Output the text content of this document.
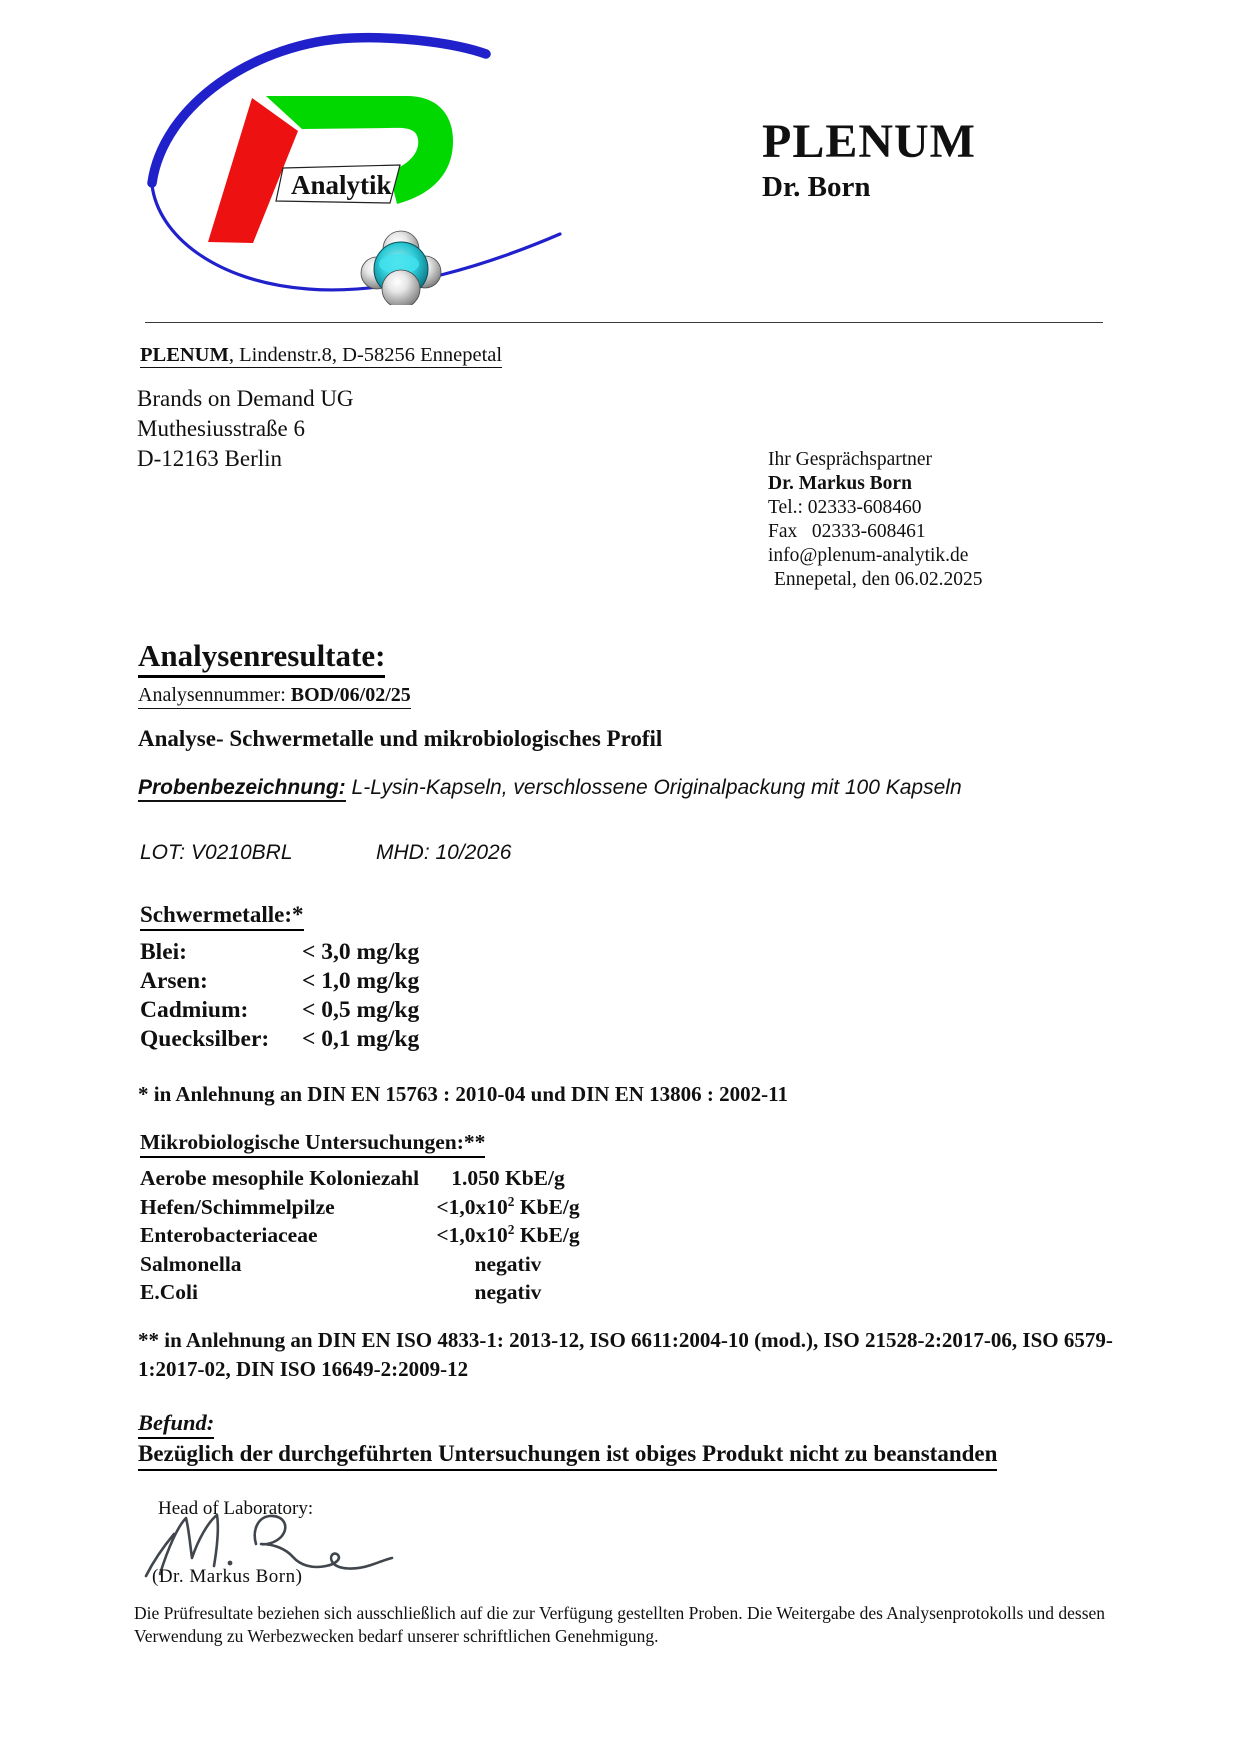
Analytik
PLENUM
Dr. Born
PLENUM, Lindenstr.8, D-58256 Ennepetal
Brands on Demand UG
Muthesiusstraße 6
D-12163 Berlin	Ihr Gesprächspartner
Dr. Markus Born
Tel.: 02333-608460
Fax   02333-608461
info@plenum-analytik.de
Ennepetal, den 06.02.2025
Analysenresultate:
Analysennummer: BOD/06/02/25
Analyse- Schwermetalle und mikrobiologisches Profil
Probenbezeichnung: L-Lysin-Kapseln, verschlossene Originalpackung mit 100 Kapseln
LOT: V0210BRL	MHD: 10/2026
Schwermetalle:*
Blei:	< 3,0 mg/kg
Arsen:	< 1,0 mg/kg
Cadmium:	< 0,5 mg/kg
Quecksilber:	< 0,1 mg/kg
* in Anlehnung an DIN EN 15763 : 2010-04 und DIN EN 13806 : 2002-11
Mikrobiologische Untersuchungen:**
Aerobe mesophile Koloniezahl	1.050 KbE/g
Hefen/Schimmelpilze	$<1,0x10^2$ KbE/g
Enterobacteriaceae	$<1,0x10^2$ KbE/g
Salmonella	negativ
E.Coli	negativ
** in Anlehnung an DIN EN ISO 4833-1: 2013-12, ISO 6611:2004-10 (mod.), ISO 21528-2:2017-06, ISO 6579-1:2017-02, DIN ISO 16649-2:2009-12
Befund:
Bezüglich der durchgeführten Untersuchungen ist obiges Produkt nicht zu beanstanden
Head of Laboratory:
(Dr. Markus Born)
Die Prüfresultate beziehen sich ausschließlich auf die zur Verfügung gestellten Proben. Die Weitergabe des Analysenprotokolls und dessen Verwendung zu Werbezwecken bedarf unserer schriftlichen Genehmigung.
